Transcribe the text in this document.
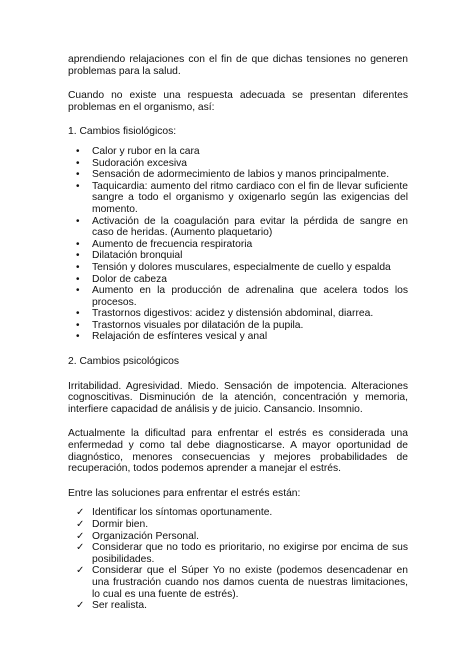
aprendiendo relajaciones con el fin de que dichas tensiones no generen problemas para la salud.

Cuando no existe una respuesta adecuada se presentan diferentes problemas en el organismo, así:

1. Cambios fisiológicos:

• Calor y rubor en la cara
• Sudoración excesiva
• Sensación de adormecimiento de labios y manos principalmente.
• Taquicardia: aumento del ritmo cardiaco con el fin de llevar suficiente sangre a todo el organismo y oxigenarlo según las exigencias del momento.
• Activación de la coagulación para evitar la pérdida de sangre en caso de heridas. (Aumento plaquetario)
• Aumento de frecuencia respiratoria
• Dilatación bronquial
• Tensión y dolores musculares, especialmente de cuello y espalda
• Dolor de cabeza
• Aumento en la producción de adrenalina que acelera todos los procesos.
• Trastornos digestivos: acidez y distensión abdominal, diarrea.
• Trastornos visuales por dilatación de la pupila.
• Relajación de esfínteres vesical y anal

2. Cambios psicológicos

Irritabilidad. Agresividad. Miedo. Sensación de impotencia. Alteraciones cognoscitivas. Disminución de la atención, concentración y memoria, interfiere capacidad de análisis y de juicio. Cansancio. Insomnio.

Actualmente la dificultad para enfrentar el estrés es considerada una enfermedad y como tal debe diagnosticarse. A mayor oportunidad de diagnóstico, menores consecuencias y mejores probabilidades de recuperación, todos podemos aprender a manejar el estrés.

Entre las soluciones para enfrentar el estrés están:

✓ Identificar los síntomas oportunamente.
✓ Dormir bien.
✓ Organización Personal.
✓ Considerar que no todo es prioritario, no exigirse por encima de sus posibilidades.
✓ Considerar que el Súper Yo no existe (podemos desencadenar en una frustración cuando nos damos cuenta de nuestras limitaciones, lo cual es una fuente de estrés).
✓ Ser realista.
